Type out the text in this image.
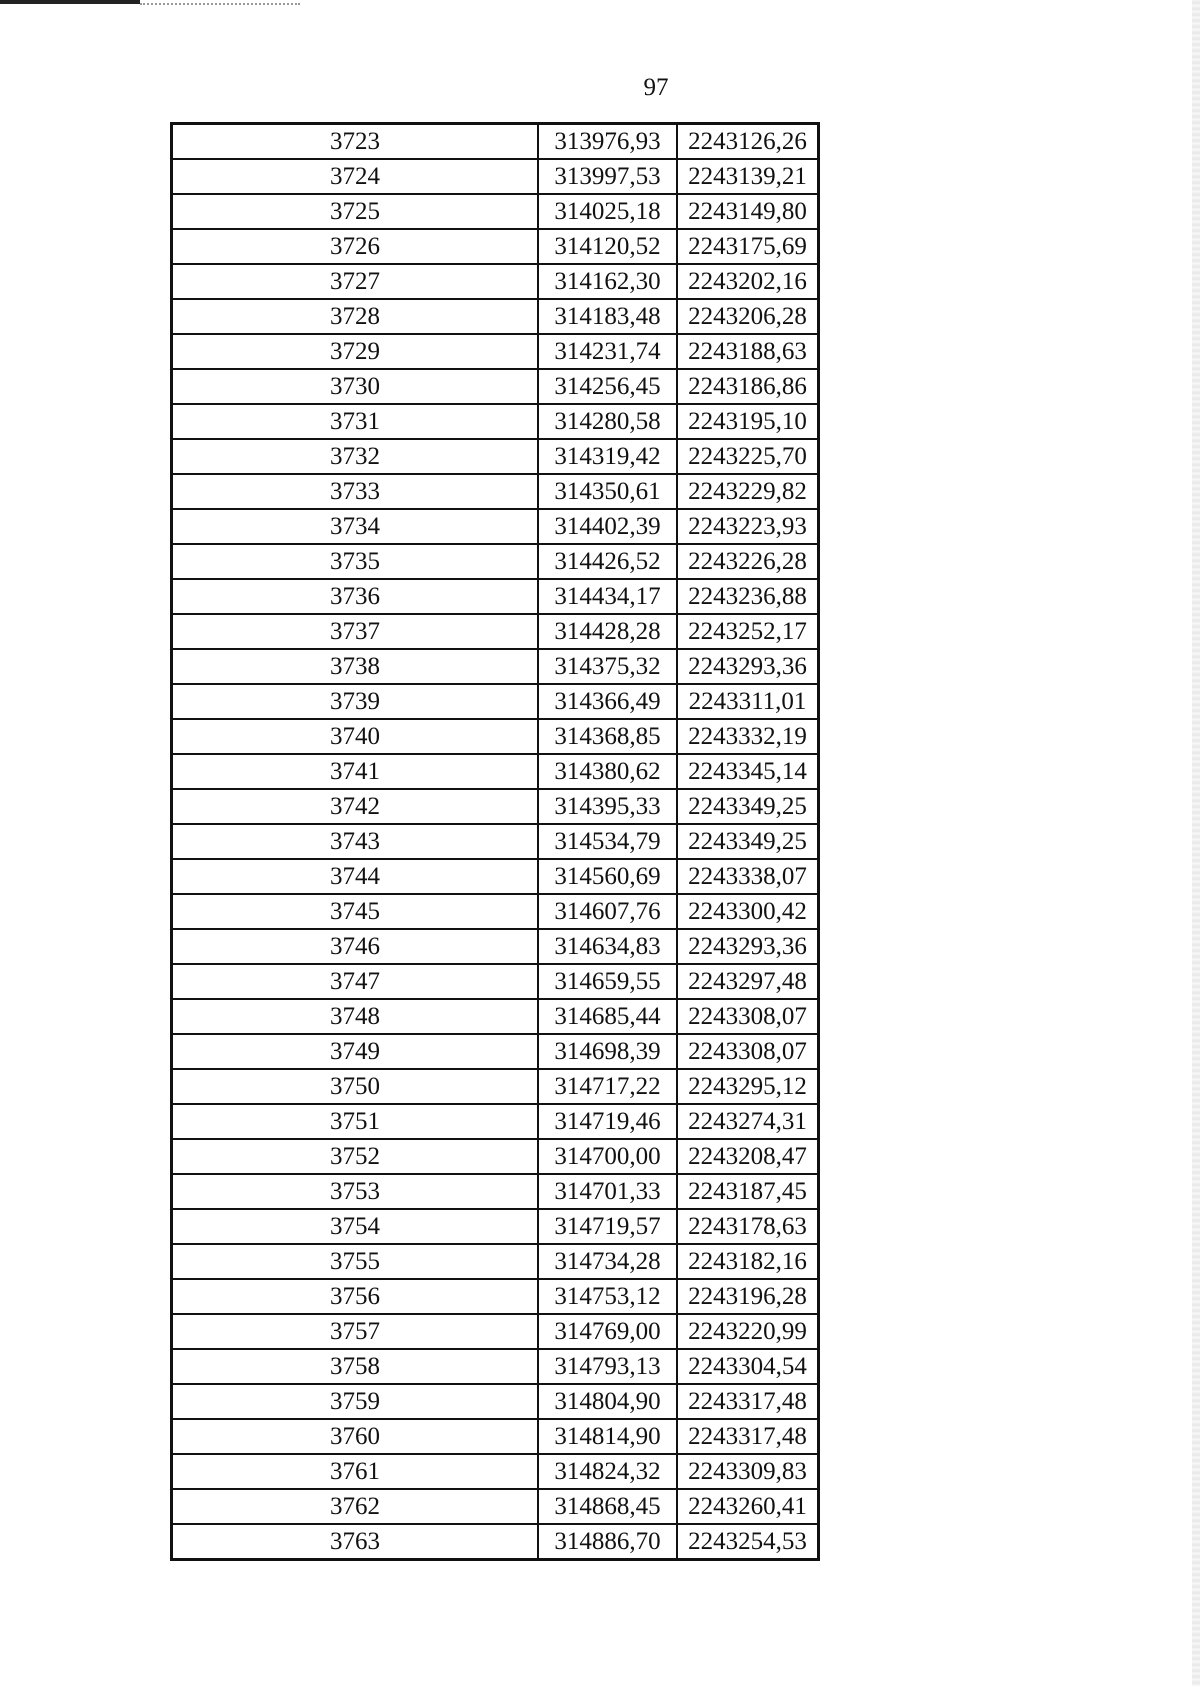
97
3723	313976,93	2243126,26
3724	313997,53	2243139,21
3725	314025,18	2243149,80
3726	314120,52	2243175,69
3727	314162,30	2243202,16
3728	314183,48	2243206,28
3729	314231,74	2243188,63
3730	314256,45	2243186,86
3731	314280,58	2243195,10
3732	314319,42	2243225,70
3733	314350,61	2243229,82
3734	314402,39	2243223,93
3735	314426,52	2243226,28
3736	314434,17	2243236,88
3737	314428,28	2243252,17
3738	314375,32	2243293,36
3739	314366,49	2243311,01
3740	314368,85	2243332,19
3741	314380,62	2243345,14
3742	314395,33	2243349,25
3743	314534,79	2243349,25
3744	314560,69	2243338,07
3745	314607,76	2243300,42
3746	314634,83	2243293,36
3747	314659,55	2243297,48
3748	314685,44	2243308,07
3749	314698,39	2243308,07
3750	314717,22	2243295,12
3751	314719,46	2243274,31
3752	314700,00	2243208,47
3753	314701,33	2243187,45
3754	314719,57	2243178,63
3755	314734,28	2243182,16
3756	314753,12	2243196,28
3757	314769,00	2243220,99
3758	314793,13	2243304,54
3759	314804,90	2243317,48
3760	314814,90	2243317,48
3761	314824,32	2243309,83
3762	314868,45	2243260,41
3763	314886,70	2243254,53
